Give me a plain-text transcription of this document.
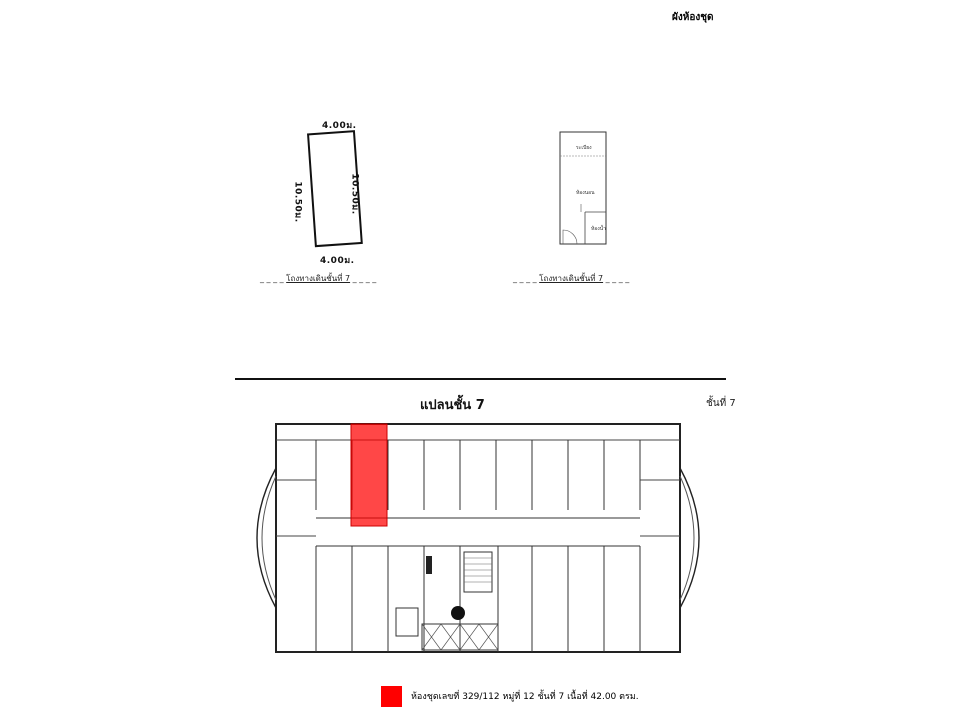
ผังห้องชุด
4.00ม.
4.00ม.
10.50ม.	10.50ม.
_ _ _ _ โถงทางเดินชั้นที่ 7 _ _ _ _
ระเบียง
ห้องนอน
ห้องน้ำ
_ _ _ _ โถงทางเดินชั้นที่ 7 _ _ _ _
แปลนชั้น 7	ชั้นที่ 7
ห้องชุดเลขที่ 329/112 หมู่ที่ 12 ชั้นที่ 7 เนื้อที่ 42.00 ตรม.
